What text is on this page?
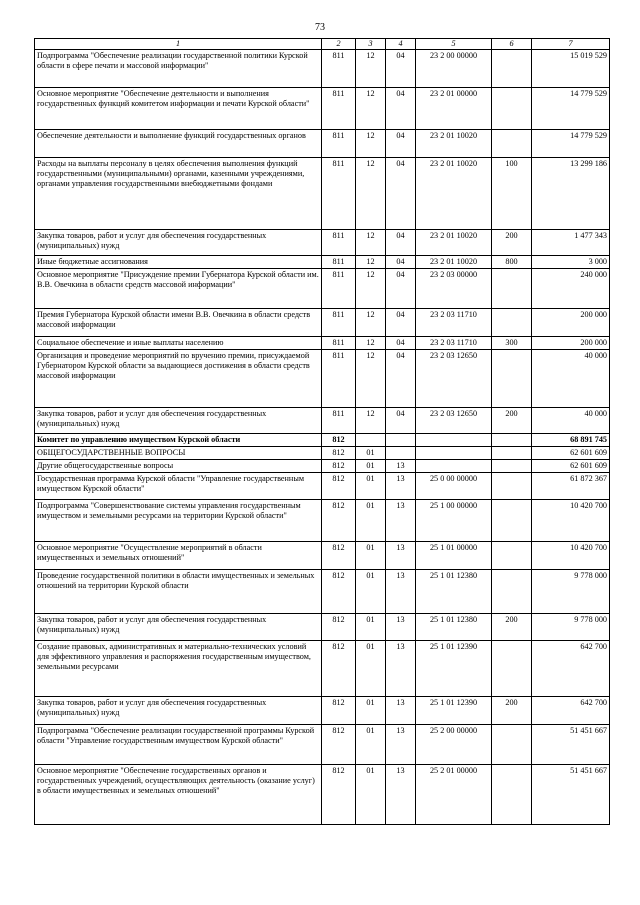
73
1	2	3	4	5	6	7
Подпрограмма "Обеспечение реализации государственной политики Курской области в сфере печати и массовой информации"	811	12	04	23 2 00 00000		15 019 529
Основное мероприятие "Обеспечение деятельности и выполнения государственных функций комитетом информации и печати Курской области"	811	12	04	23 2 01 00000		14 779 529
Обеспечение деятельности и выполнение функций государственных органов	811	12	04	23 2 01 10020		14 779 529
Расходы на выплаты персоналу в целях обеспечения выполнения функций государственными (муниципальными) органами, казенными учреждениями, органами управления государственными внебюджетными фондами	811	12	04	23 2 01 10020	100	13 299 186
Закупка товаров, работ и услуг для обеспечения государственных (муниципальных) нужд	811	12	04	23 2 01 10020	200	1 477 343
Иные бюджетные ассигнования	811	12	04	23 2 01 10020	800	3 000
Основное мероприятие "Присуждение премии Губернатора Курской области им. В.В. Овечкина в области средств массовой информации"	811	12	04	23 2 03 00000		240 000
Премия Губернатора Курской области имени В.В. Овечкина в области средств массовой информации	811	12	04	23 2 03 11710		200 000
Социальное обеспечение и иные выплаты населению	811	12	04	23 2 03 11710	300	200 000
Организация и проведение мероприятий по вручению премии, присуждаемой Губернатором Курской области за выдающиеся достижения в области средств массовой информации	811	12	04	23 2 03 12650		40 000
Закупка товаров, работ и услуг для обеспечения государственных (муниципальных) нужд	811	12	04	23 2 03 12650	200	40 000
Комитет по управлению имуществом Курской области	812					68 891 745
ОБЩЕГОСУДАРСТВЕННЫЕ ВОПРОСЫ	812	01				62 601 609
Другие общегосударственные вопросы	812	01	13			62 601 609
Государственная программа Курской области "Управление государственным имуществом Курской области"	812	01	13	25 0 00 00000		61 872 367
Подпрограмма "Совершенствование системы управления государственным имуществом и земельными ресурсами на территории Курской области"	812	01	13	25 1 00 00000		10 420 700
Основное мероприятие "Осуществление мероприятий в области имущественных и земельных отношений"	812	01	13	25 1 01 00000		10 420 700
Проведение государственной политики в области имущественных и земельных отношений на территории Курской области	812	01	13	25 1 01 12380		9 778 000
Закупка товаров, работ и услуг для обеспечения государственных (муниципальных) нужд	812	01	13	25 1 01 12380	200	9 778 000
Создание правовых, административных и материально-технических условий для эффективного управления и распоряжения государственным имуществом, земельными ресурсами	812	01	13	25 1 01 12390		642 700
Закупка товаров, работ и услуг для обеспечения государственных (муниципальных) нужд	812	01	13	25 1 01 12390	200	642 700
Подпрограмма "Обеспечение реализации государственной программы Курской области "Управление государственным имуществом Курской области"	812	01	13	25 2 00 00000		51 451 667
Основное мероприятие "Обеспечение государственных органов и государственных учреждений, осуществляющих деятельность (оказание услуг) в области имущественных и земельных отношений"	812	01	13	25 2 01 00000		51 451 667
